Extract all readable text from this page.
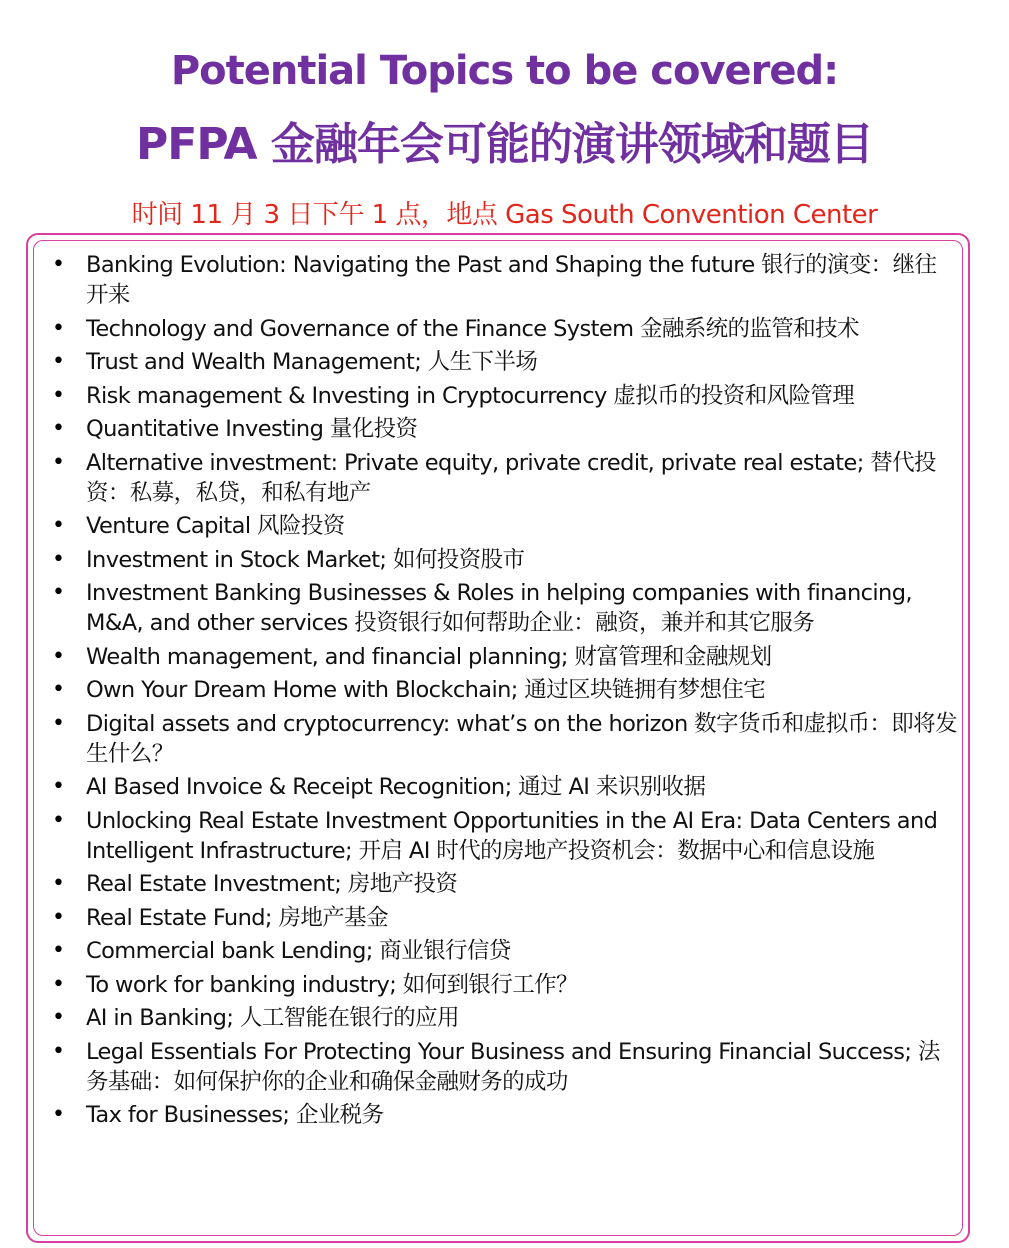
Potential Topics to be covered:
PFPA 金融年会可能的演讲领域和题目
时间 11 月 3 日下午 1 点，地点 Gas South Convention Center
• Banking Evolution: Navigating the Past and Shaping the future 银行的演变：继往开来
• Technology and Governance of the Finance System 金融系统的监管和技术
• Trust and Wealth Management; 人生下半场
• Risk management & Investing in Cryptocurrency 虚拟币的投资和风险管理
• Quantitative Investing 量化投资
• Alternative investment: Private equity, private credit, private real estate; 替代投资：私募，私贷，和私有地产
• Venture Capital 风险投资
• Investment in Stock Market; 如何投资股市
• Investment Banking Businesses & Roles in helping companies with financing, M&A, and other services 投资银行如何帮助企业：融资，兼并和其它服务
• Wealth management, and financial planning; 财富管理和金融规划
• Own Your Dream Home with Blockchain; 通过区块链拥有梦想住宅
• Digital assets and cryptocurrency: what’s on the horizon 数字货币和虚拟币：即将发生什么？
• AI Based Invoice & Receipt Recognition; 通过 AI 来识别收据
• Unlocking Real Estate Investment Opportunities in the AI Era: Data Centers and Intelligent Infrastructure; 开启 AI 时代的房地产投资机会：数据中心和信息设施
• Real Estate Investment; 房地产投资
• Real Estate Fund; 房地产基金
• Commercial bank Lending; 商业银行信贷
• To work for banking industry; 如何到银行工作？
• AI in Banking; 人工智能在银行的应用
• Legal Essentials For Protecting Your Business and Ensuring Financial Success; 法务基础：如何保护你的企业和确保金融财务的成功
• Tax for Businesses; 企业税务
